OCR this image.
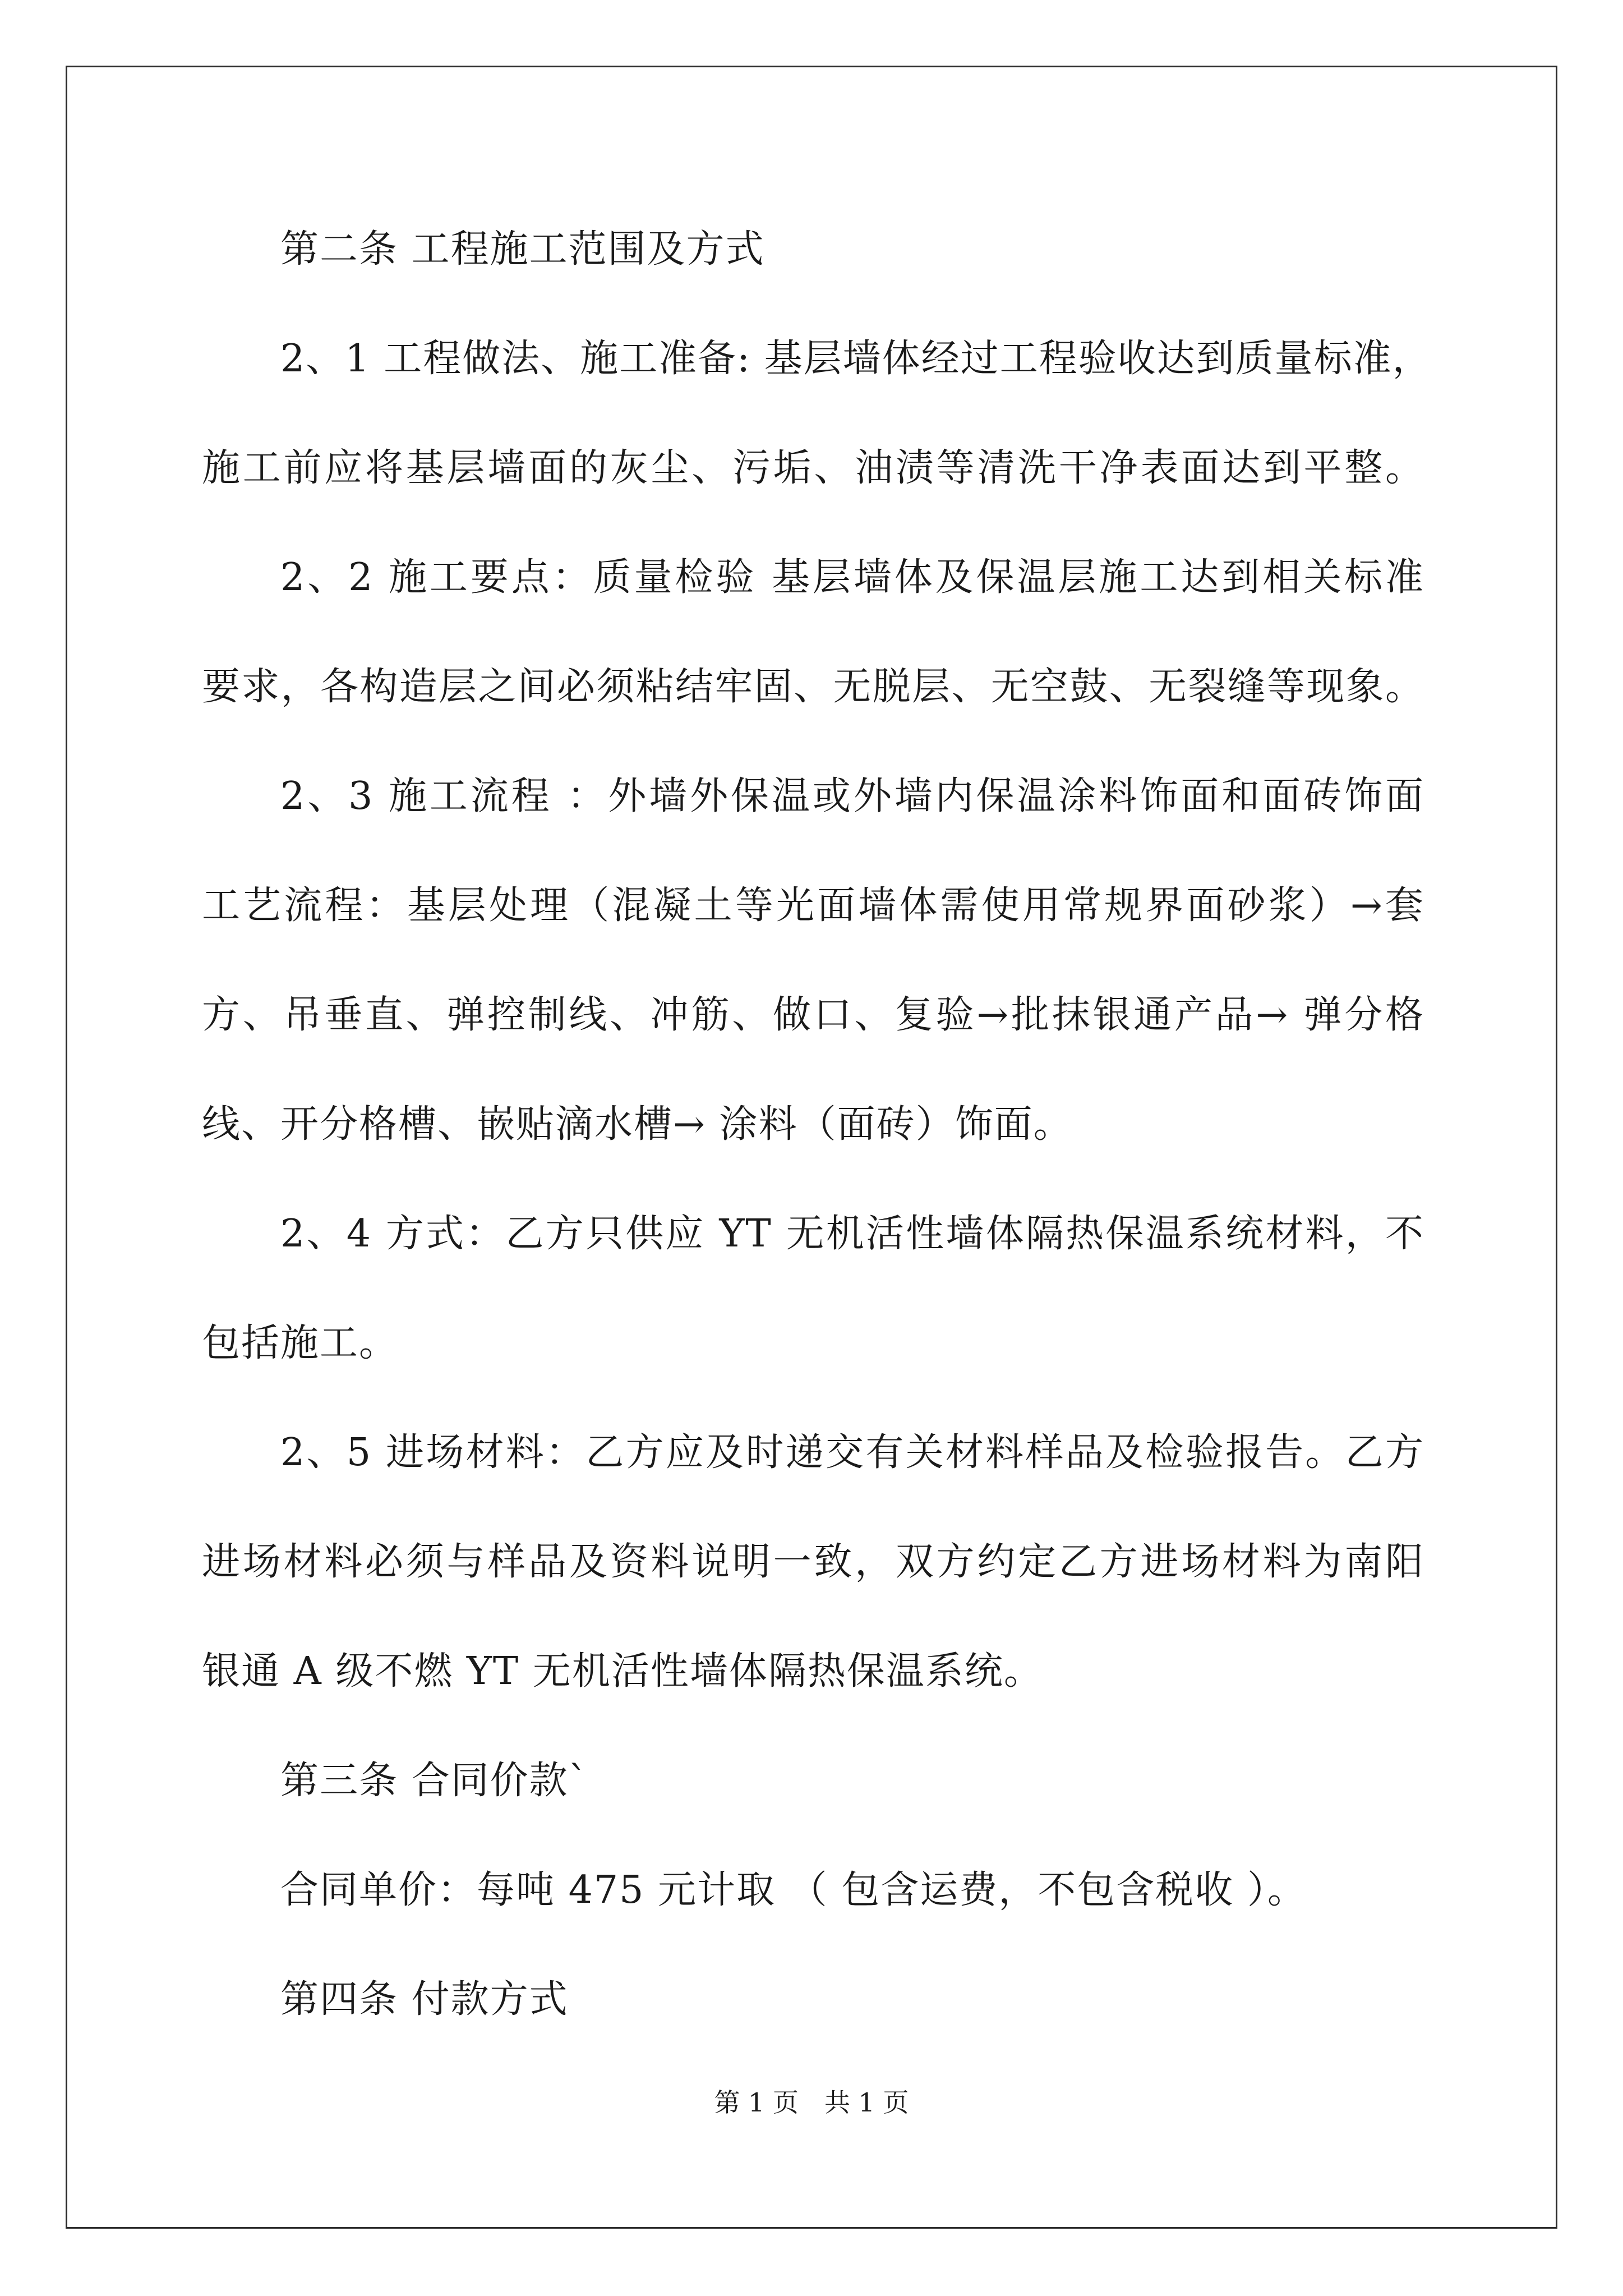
第二条 工程施工范围及方式
2、1 工程做法、施工准备: 基层墙体经过工程验收达到质量标准，
施工前应将基层墙面的灰尘、污垢、油渍等清洗干净表面达到平整。
2、2 施工要点：质量检验 基层墙体及保温层施工达到相关标准
要求，各构造层之间必须粘结牢固、无脱层、无空鼓、无裂缝等现象。
2、3 施工流程 ：外墙外保温或外墙内保温涂料饰面和面砖饰面
工艺流程：基层处理（混凝土等光面墙体需使用常规界面砂浆）→套
方、吊垂直、弹控制线、冲筋、做口、复验→批抹银通产品→ 弹分格
线、开分格槽、嵌贴滴水槽→ 涂料（面砖）饰面。
2、4 方式：乙方只供应 YT 无机活性墙体隔热保温系统材料，不
包括施工。
2、5 进场材料：乙方应及时递交有关材料样品及检验报告。乙方
进场材料必须与样品及资料说明一致，双方约定乙方进场材料为南阳
银通 A 级不燃 YT 无机活性墙体隔热保温系统。
第三条 合同价款`
合同单价：每吨 475 元计取 （ 包含运费，不包含税收 ）。
第四条 付款方式
第 1 页　共 1 页
